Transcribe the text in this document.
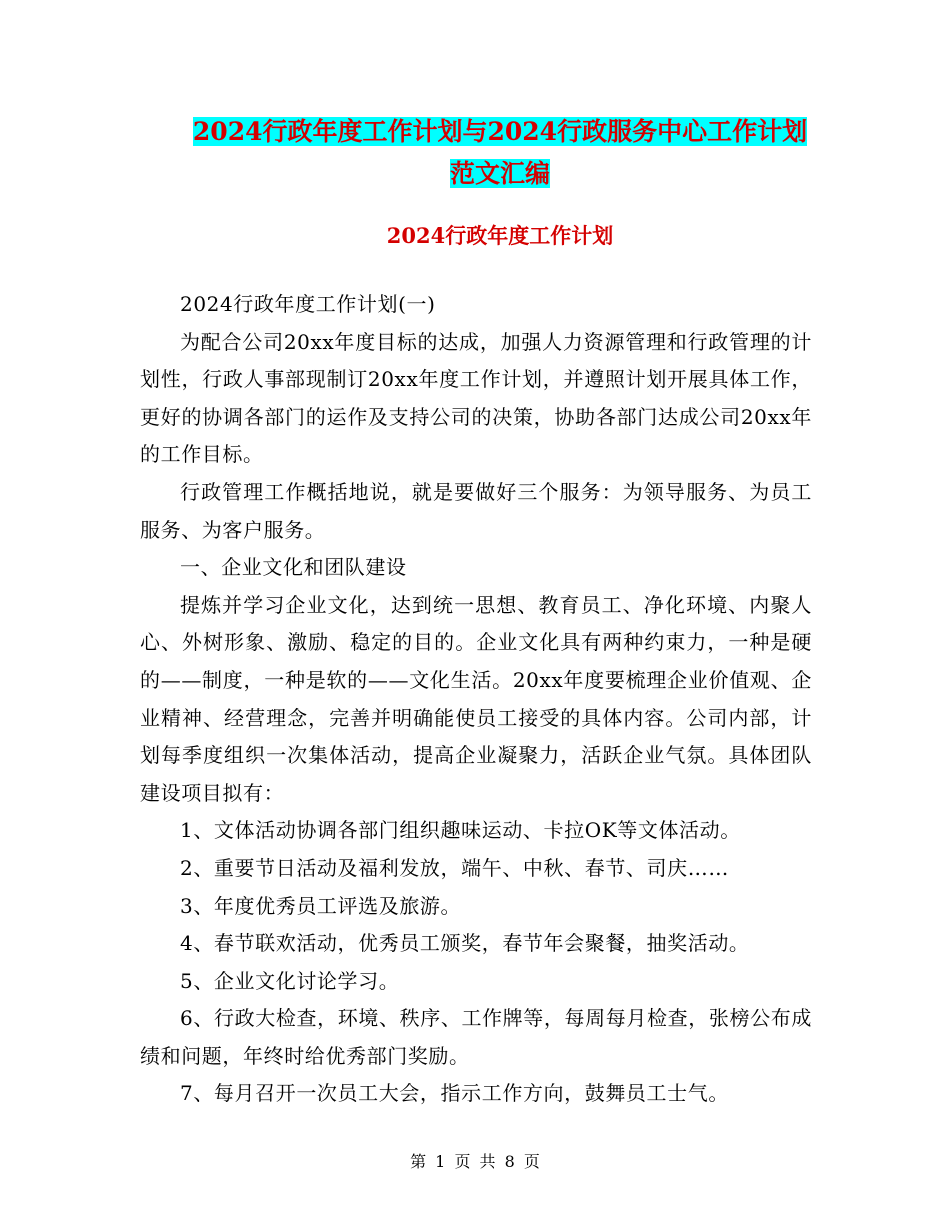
2024行政年度工作计划与2024行政服务中心工作计划
范文汇编
2024行政年度工作计划

2024行政年度工作计划(一)

为配合公司20xx年度目标的达成，加强人力资源管理和行政管理的计划性，行政人事部现制订20xx年度工作计划，并遵照计划开展具体工作，更好的协调各部门的运作及支持公司的决策，协助各部门达成公司20xx年的工作目标。

行政管理工作概括地说，就是要做好三个服务：为领导服务、为员工服务、为客户服务。

一、企业文化和团队建设

提炼并学习企业文化，达到统一思想、教育员工、净化环境、内聚人心、外树形象、激励、稳定的目的。企业文化具有两种约束力，一种是硬的——制度，一种是软的——文化生活。20xx年度要梳理企业价值观、企业精神、经营理念，完善并明确能使员工接受的具体内容。公司内部，计划每季度组织一次集体活动，提高企业凝聚力，活跃企业气氛。具体团队建设项目拟有：

1、文体活动协调各部门组织趣味运动、卡拉OK等文体活动。

2、重要节日活动及福利发放，端午、中秋、春节、司庆……

3、年度优秀员工评选及旅游。

4、春节联欢活动，优秀员工颁奖，春节年会聚餐，抽奖活动。

5、企业文化讨论学习。

6、行政大检查，环境、秩序、工作牌等，每周每月检查，张榜公布成绩和问题，年终时给优秀部门奖励。

7、每月召开一次员工大会，指示工作方向，鼓舞员工士气。

第 1 页 共 8 页
